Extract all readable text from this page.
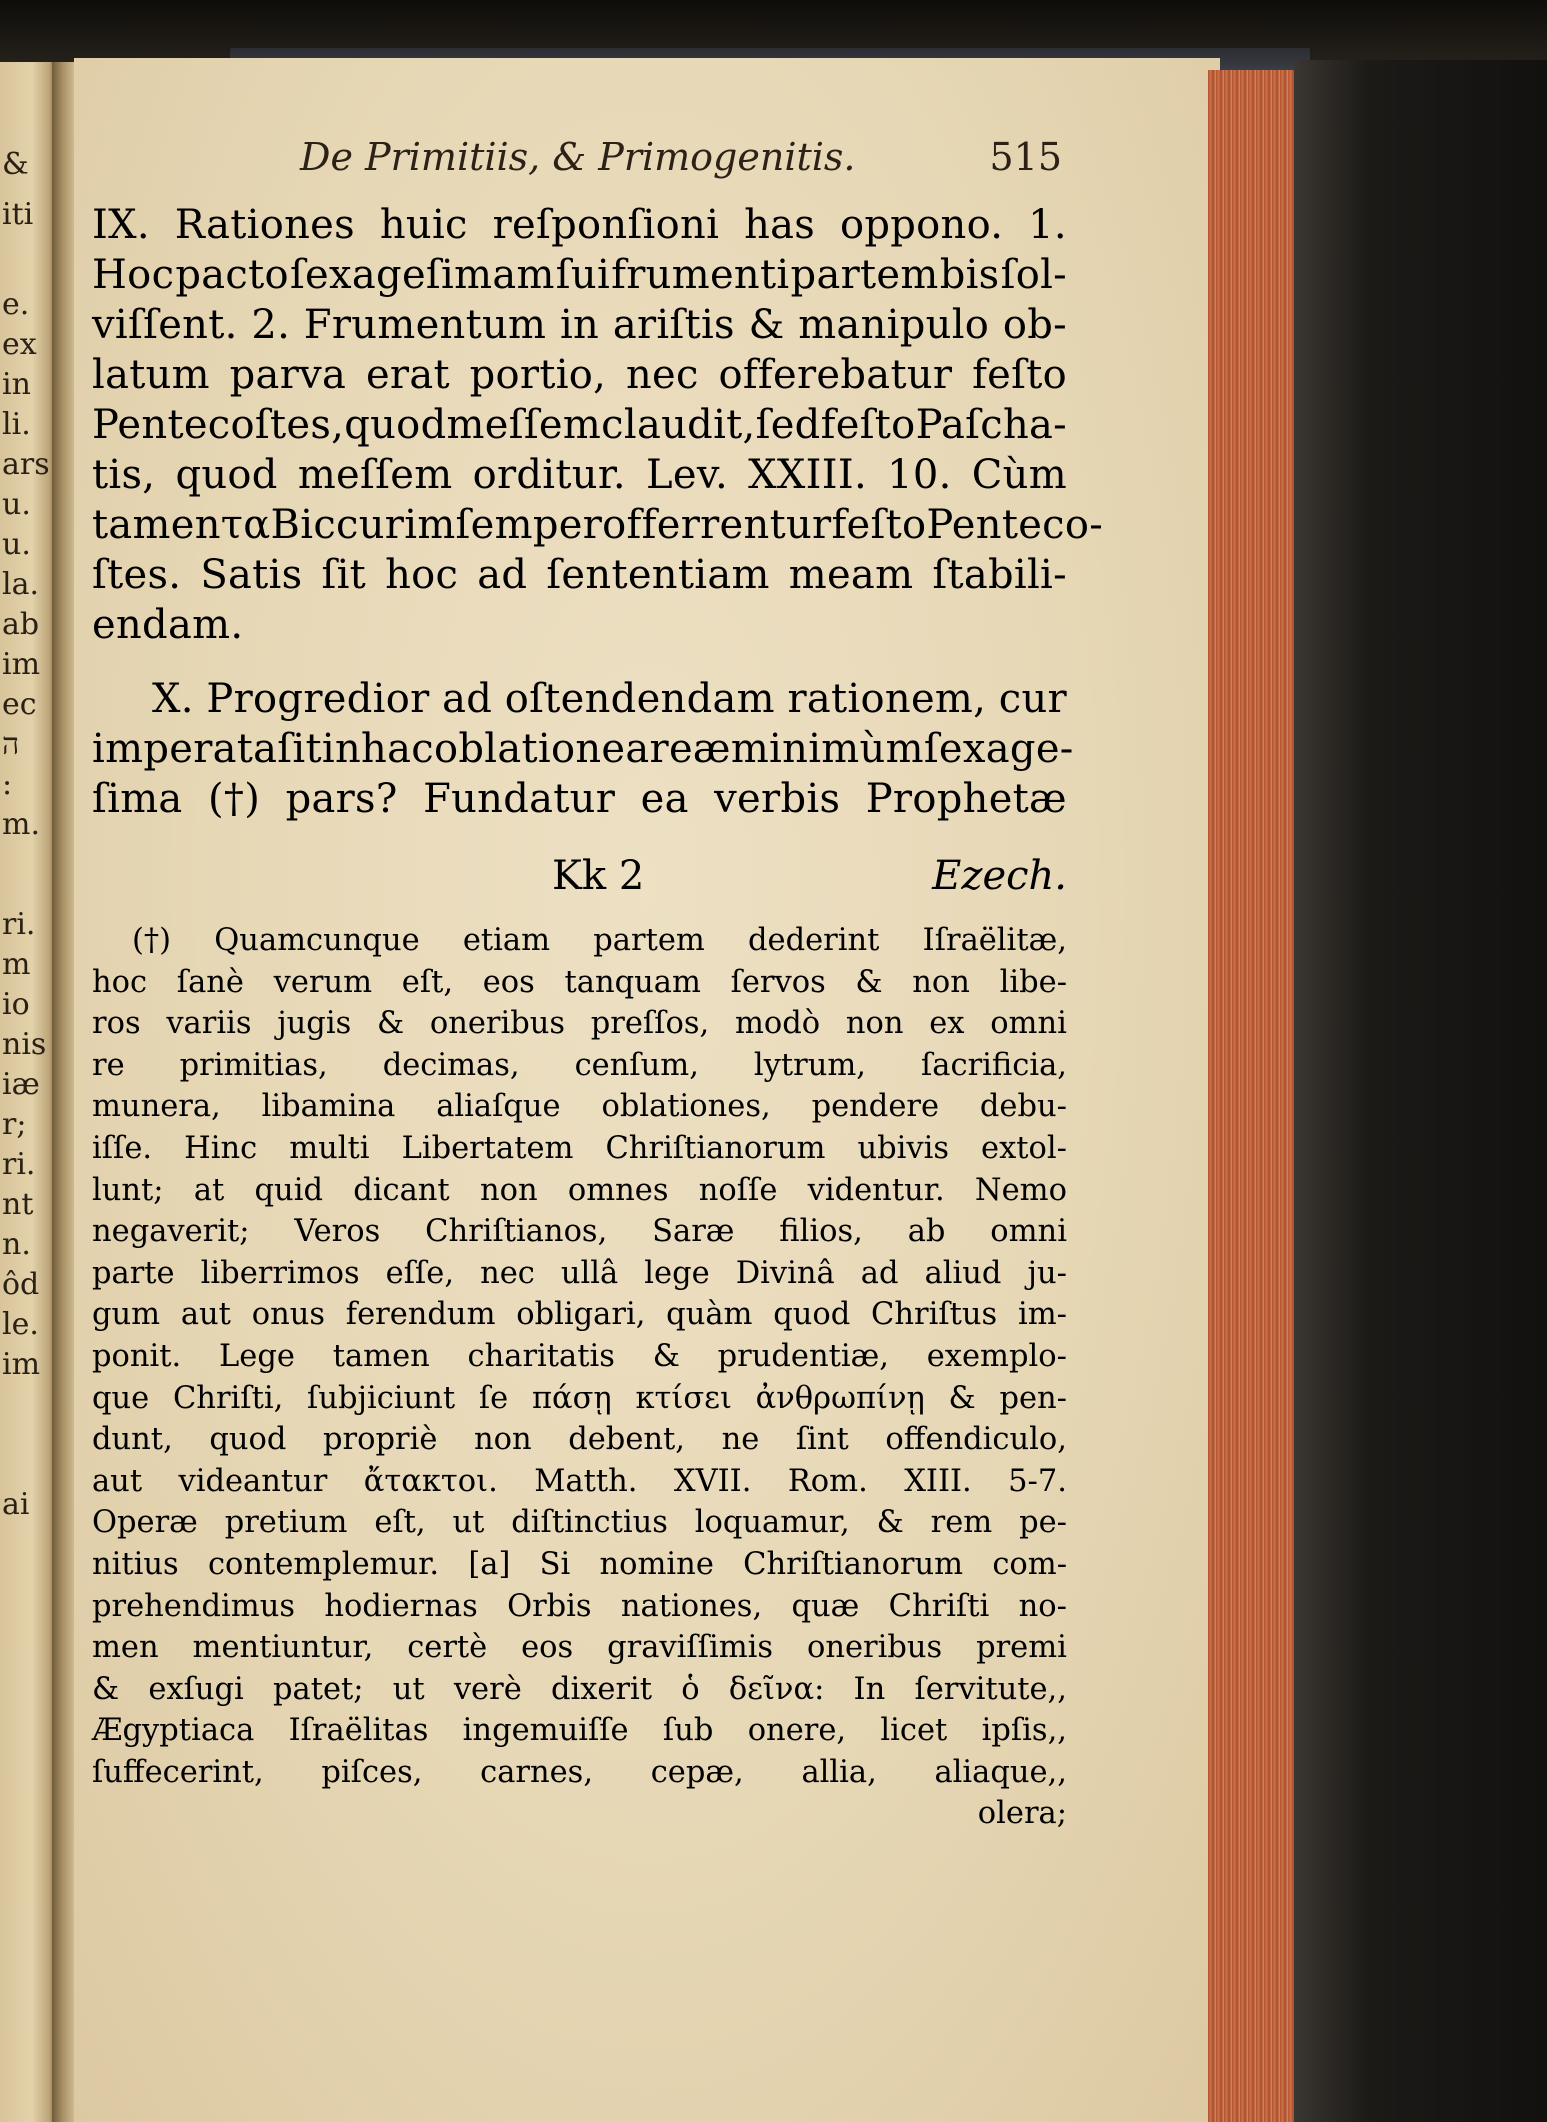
&
iti
e.
ex
in
li.
ars
u.
u.
la.
ab
im
ec
ה
:
m.
ri.
m
io
nis
iæ
r;
ri.
nt
n.
ôd
le.
im
ai
De Primitiis, & Primogenitis.	515
IX. Rationes huic reſponſioni has oppono. 1.
Hoc pacto ſexageſimam ſui frumenti partem bis ſol-
viſſent. 2. Frumentum in ariſtis & manipulo ob-
latum parva erat portio, nec offerebatur feſto
Pentecoſtes, quod meſſem claudit, ſed feſto Paſcha-
tis, quod meſſem orditur. Lev. XXIII. 10. Cùm
tamen τα Biccurim ſemper offerrentur feſto Penteco-
ſtes. Satis ſit hoc ad ſententiam meam ſtabili-
endam.
X. Progredior ad oſtendendam rationem, cur
imperata ſit in hac oblatione areæ minimùm ſexage-
ſima (†) pars? Fundatur ea verbis Prophetæ
Kk 2	Ezech.
(†) Quamcunque etiam partem dederint Iſraëlitæ,
hoc ſanè verum eſt, eos tanquam ſervos & non libe-
ros variis jugis & oneribus preſſos, modò non ex omni
re primitias, decimas, cenſum, lytrum, ſacrificia,
munera, libamina aliaſque oblationes, pendere debu-
iſſe. Hinc multi Libertatem Chriſtianorum ubivis extol-
lunt; at quid dicant non omnes noſſe videntur. Nemo
negaverit; Veros Chriſtianos, Saræ filios, ab omni
parte liberrimos eſſe, nec ullâ lege Divinâ ad aliud ju-
gum aut onus ferendum obligari, quàm quod Chriſtus im-
ponit. Lege tamen charitatis & prudentiæ, exemplo-
que Chriſti, ſubjiciunt ſe πάσῃ κτίσει ἀνθρωπίνῃ & pen-
dunt, quod propriè non debent, ne ſint offendiculo,
aut videantur ἄτακτοι. Matth. XVII. Rom. XIII. 5-7.
Operæ pretium eſt, ut diſtinctius loquamur, & rem pe-
nitius contemplemur. [a] Si nomine Chriſtianorum com-
prehendimus hodiernas Orbis nationes, quæ Chriſti no-
men mentiuntur, certè eos graviſſimis oneribus premi
& exſugi patet; ut verè dixerit ὁ δεῖνα: In ſervitute,,
Ægyptiaca Iſraëlitas ingemuiſſe ſub onere, licet ipſis,,
ſuffecerint, piſces, carnes, cepæ, allia, aliaque,,
olera;
